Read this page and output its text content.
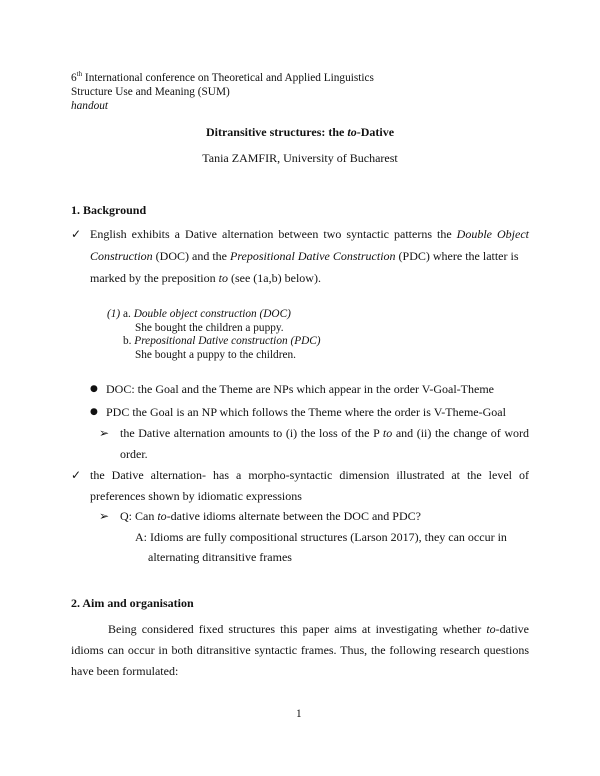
6th International conference on Theoretical and Applied Linguistics
Structure Use and Meaning (SUM)
handout
Ditransitive structures: the to-Dative
Tania ZAMFIR, University of Bucharest
1. Background
✓ English exhibits a Dative alternation between two syntactic patterns the Double Object
Construction (DOC) and the Prepositional Dative Construction (PDC) where the latter is
marked by the preposition to (see (1a,b) below).
(1) a. Double object construction (DOC)
She bought the children a puppy.
b. Prepositional Dative construction (PDC)
She bought a puppy to the children.
● DOC: the Goal and the Theme are NPs which appear in the order V-Goal-Theme
● PDC the Goal is an NP which follows the Theme where the order is V-Theme-Goal
➢ the Dative alternation amounts to (i) the loss of the P to and (ii) the change of word
order.
✓ the Dative alternation- has a morpho-syntactic dimension illustrated at the level of
preferences shown by idiomatic expressions
➢ Q: Can to-dative idioms alternate between the DOC and PDC?
A: Idioms are fully compositional structures (Larson 2017), they can occur in
alternating ditransitive frames
2. Aim and organisation
Being considered fixed structures this paper aims at investigating whether to-dative
idioms can occur in both ditransitive syntactic frames. Thus, the following research questions
have been formulated:
1
